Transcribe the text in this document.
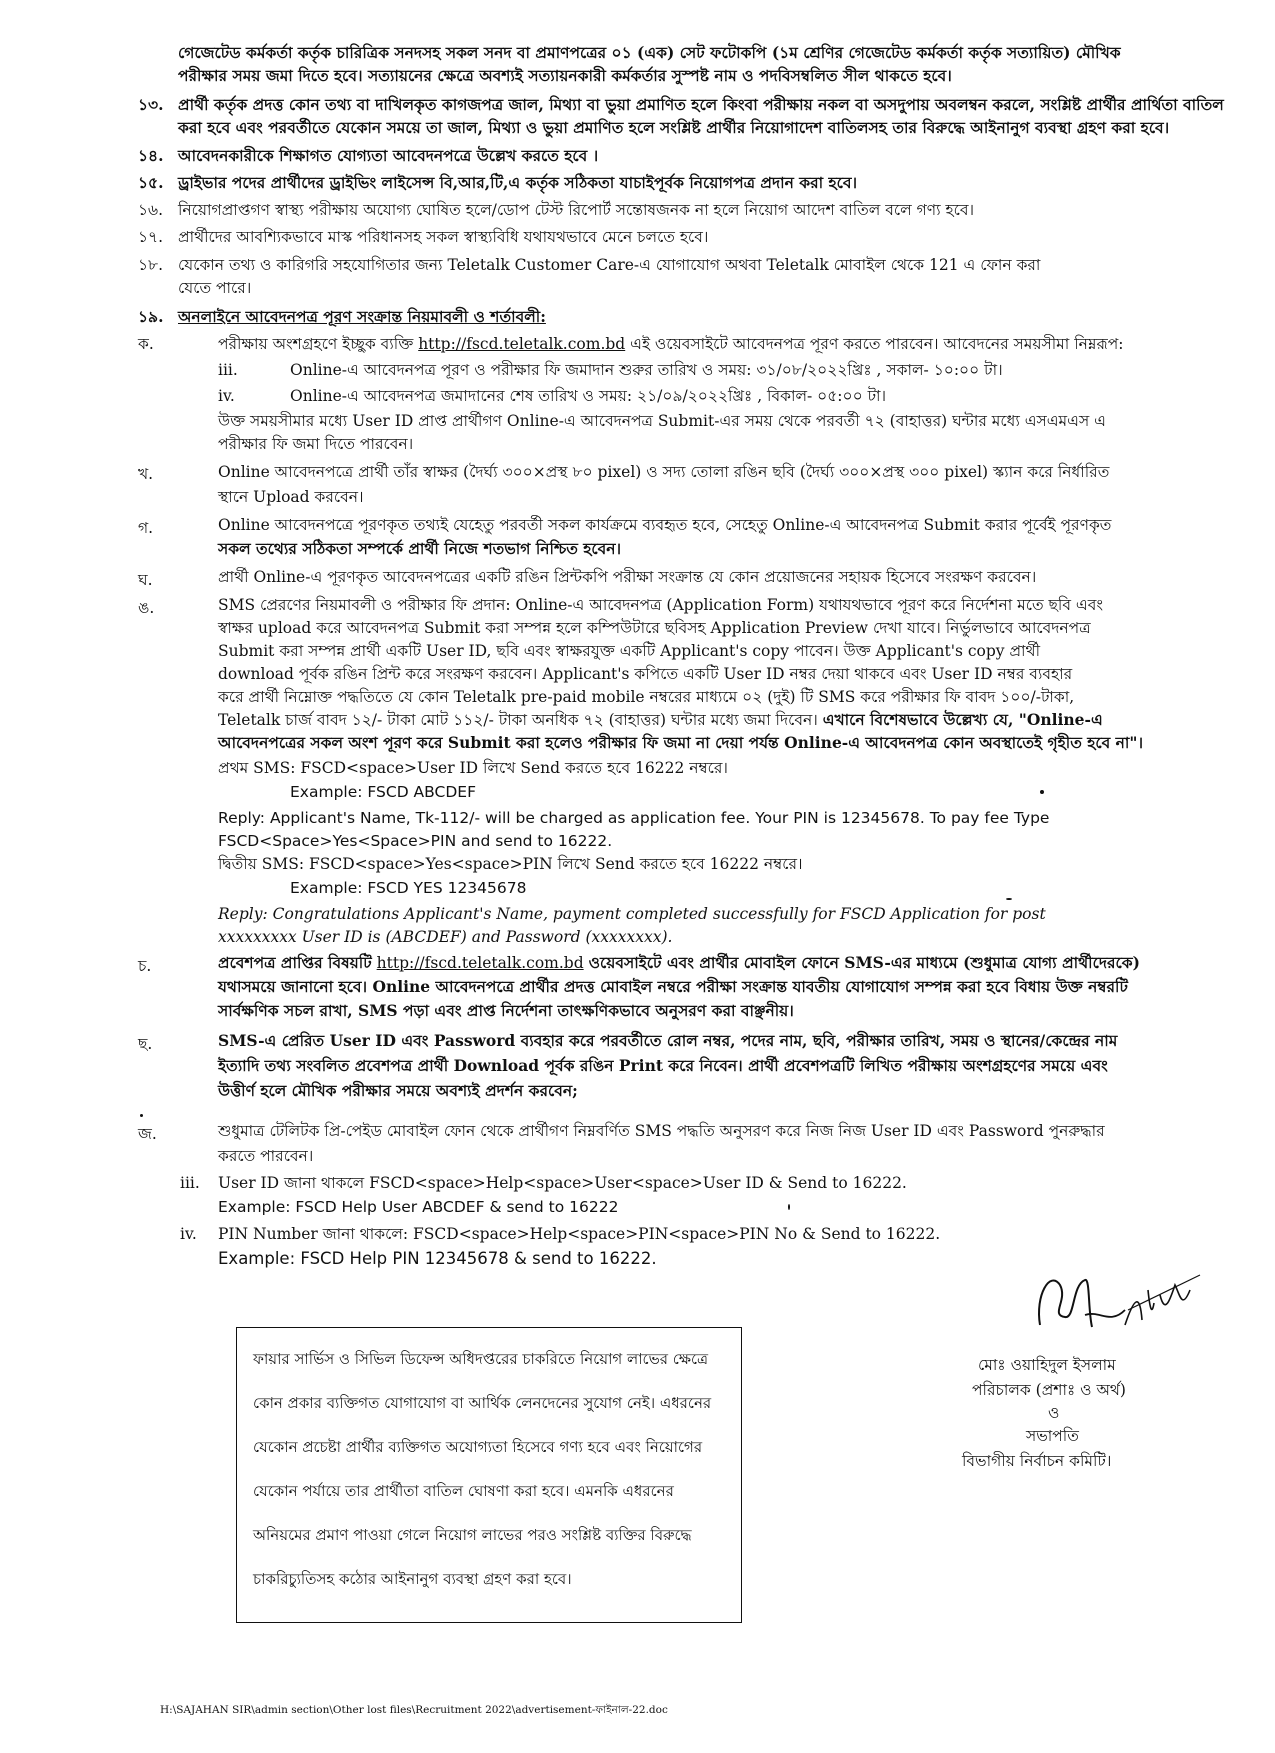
গেজেটেড কর্মকর্তা কর্তৃক চারিত্রিক সনদসহ সকল সনদ বা প্রমাণপত্রের ০১ (এক) সেট ফটোকপি (১ম শ্রেণির গেজেটেড কর্মকর্তা কর্তৃক সত্যায়িত) মৌখিক
পরীক্ষার সময় জমা দিতে হবে। সত্যায়নের ক্ষেত্রে অবশ্যই সত্যায়নকারী কর্মকর্তার সুস্পষ্ট নাম ও পদবিসম্বলিত সীল থাকতে হবে।
১৩. প্রার্থী কর্তৃক প্রদত্ত কোন তথ্য বা দাখিলকৃত কাগজপত্র জাল, মিথ্যা বা ভুয়া প্রমাণিত হলে কিংবা পরীক্ষায় নকল বা অসদুপায় অবলম্বন করলে, সংশ্লিষ্ট প্রার্থীর প্রার্থিতা বাতিল
করা হবে এবং পরবর্তীতে যেকোন সময়ে তা জাল, মিথ্যা ও ভুয়া প্রমাণিত হলে সংশ্লিষ্ট প্রার্থীর নিয়োগাদেশ বাতিলসহ তার বিরুদ্ধে আইনানুগ ব্যবস্থা গ্রহণ করা হবে।
১৪. আবেদনকারীকে শিক্ষাগত যোগ্যতা আবেদনপত্রে উল্লেখ করতে হবে ।
১৫. ড্রাইভার পদের প্রার্থীদের ড্রাইভিং লাইসেন্স বি,আর,টি,এ কর্তৃক সঠিকতা যাচাইপূর্বক নিয়োগপত্র প্রদান করা হবে।
১৬. নিয়োগপ্রাপ্তগণ স্বাস্থ্য পরীক্ষায় অযোগ্য ঘোষিত হলে/ডোপ টেস্ট রিপোর্ট সন্তোষজনক না হলে নিয়োগ আদেশ বাতিল বলে গণ্য হবে।
১৭. প্রার্থীদের আবশ্যিকভাবে মাস্ক পরিধানসহ সকল স্বাস্থ্যবিধি যথাযথভাবে মেনে চলতে হবে।
১৮. যেকোন তথ্য ও কারিগরি সহযোগিতার জন্য Teletalk Customer Care-এ যোগাযোগ অথবা Teletalk মোবাইল থেকে 121 এ ফোন করা
যেতে পারে।
১৯. অনলাইনে আবেদনপত্র পূরণ সংক্রান্ত নিয়মাবলী ও শর্তাবলী:
ক.	পরীক্ষায় অংশগ্রহণে ইচ্ছুক ব্যক্তি http://fscd.teletalk.com.bd এই ওয়েবসাইটে আবেদনপত্র পূরণ করতে পারবেন। আবেদনের সময়সীমা নিম্নরূপ:
iii.	Online-এ আবেদনপত্র পূরণ ও পরীক্ষার ফি জমাদান শুরুর তারিখ ও সময়: ৩১/০৮/২০২২খ্রিঃ , সকাল- ১০:০০ টা।
iv.	Online-এ আবেদনপত্র জমাদানের শেষ তারিখ ও সময়: ২১/০৯/২০২২খ্রিঃ , বিকাল- ০৫:০০ টা।
উক্ত সময়সীমার মধ্যে User ID প্রাপ্ত প্রার্থীগণ Online-এ আবেদনপত্র Submit-এর সময় থেকে পরবর্তী ৭২ (বাহাত্তর) ঘন্টার মধ্যে এসএমএস এ
পরীক্ষার ফি জমা দিতে পারবেন।
খ.	Online আবেদনপত্রে প্রার্থী তাঁর স্বাক্ষর (দৈর্ঘ্য ৩০০×প্রস্থ ৮০ pixel) ও সদ্য তোলা রঙিন ছবি (দৈর্ঘ্য ৩০০×প্রস্থ ৩০০ pixel) স্ক্যান করে নির্ধারিত
স্থানে Upload করবেন।
গ.	Online আবেদনপত্রে পূরণকৃত তথ্যই যেহেতু পরবর্তী সকল কার্যক্রমে ব্যবহৃত হবে, সেহেতু Online-এ আবেদনপত্র Submit করার পূর্বেই পূরণকৃত
সকল তথ্যের সঠিকতা সম্পর্কে প্রার্থী নিজে শতভাগ নিশ্চিত হবেন।
ঘ.	প্রার্থী Online-এ পূরণকৃত আবেদনপত্রের একটি রঙিন প্রিন্টকপি পরীক্ষা সংক্রান্ত যে কোন প্রয়োজনের সহায়ক হিসেবে সংরক্ষণ করবেন।
ঙ.	SMS প্রেরণের নিয়মাবলী ও পরীক্ষার ফি প্রদান: Online-এ আবেদনপত্র (Application Form) যথাযথভাবে পূরণ করে নির্দেশনা মতে ছবি এবং
স্বাক্ষর upload করে আবেদনপত্র Submit করা সম্পন্ন হলে কম্পিউটারে ছবিসহ Application Preview দেখা যাবে। নির্ভুলভাবে আবেদনপত্র
Submit করা সম্পন্ন প্রার্থী একটি User ID, ছবি এবং স্বাক্ষরযুক্ত একটি Applicant's copy পাবেন। উক্ত Applicant's copy প্রার্থী
download পূর্বক রঙিন প্রিন্ট করে সংরক্ষণ করবেন। Applicant's কপিতে একটি User ID নম্বর দেয়া থাকবে এবং User ID নম্বর ব্যবহার
করে প্রার্থী নিম্নোক্ত পদ্ধতিতে যে কোন Teletalk pre-paid mobile নম্বরের মাধ্যমে ০২ (দুই) টি SMS করে পরীক্ষার ফি বাবদ ১০০/-টাকা,
Teletalk চার্জ বাবদ ১২/- টাকা মোট ১১২/- টাকা অনধিক ৭২ (বাহাত্তর) ঘন্টার মধ্যে জমা দিবেন। এখানে বিশেষভাবে উল্লেখ্য যে, "Online-এ
আবেদনপত্রের সকল অংশ পূরণ করে Submit করা হলেও পরীক্ষার ফি জমা না দেয়া পর্যন্ত Online-এ আবেদনপত্র কোন অবস্থাতেই গৃহীত হবে না"।
প্রথম SMS: FSCD<space>User ID লিখে Send করতে হবে 16222 নম্বরে।
Example: FSCD ABCDEF
Reply: Applicant's Name, Tk-112/- will be charged as application fee. Your PIN is 12345678. To pay fee Type
FSCD<Space>Yes<Space>PIN and send to 16222.
দ্বিতীয় SMS: FSCD<space>Yes<space>PIN লিখে Send করতে হবে 16222 নম্বরে।
Example: FSCD YES 12345678
Reply: Congratulations Applicant's Name, payment completed successfully for FSCD Application for post
xxxxxxxxx User ID is (ABCDEF) and Password (xxxxxxxx).
চ.	প্রবেশপত্র প্রাপ্তির বিষয়টি http://fscd.teletalk.com.bd ওয়েবসাইটে এবং প্রার্থীর মোবাইল ফোনে SMS-এর মাধ্যমে (শুধুমাত্র যোগ্য প্রার্থীদেরকে)
যথাসময়ে জানানো হবে। Online আবেদনপত্রে প্রার্থীর প্রদত্ত মোবাইল নম্বরে পরীক্ষা সংক্রান্ত যাবতীয় যোগাযোগ সম্পন্ন করা হবে বিধায় উক্ত নম্বরটি
সার্বক্ষণিক সচল রাখা, SMS পড়া এবং প্রাপ্ত নির্দেশনা তাৎক্ষণিকভাবে অনুসরণ করা বাঞ্ছনীয়।
ছ.	SMS-এ প্রেরিত User ID এবং Password ব্যবহার করে পরবর্তীতে রোল নম্বর, পদের নাম, ছবি, পরীক্ষার তারিখ, সময় ও স্থানের/কেন্দ্রের নাম
ইত্যাদি তথ্য সংবলিত প্রবেশপত্র প্রার্থী Download পূর্বক রঙিন Print করে নিবেন। প্রার্থী প্রবেশপত্রটি লিখিত পরীক্ষায় অংশগ্রহণের সময়ে এবং
উত্তীর্ণ হলে মৌখিক পরীক্ষার সময়ে অবশ্যই প্রদর্শন করবেন;
জ.	শুধুমাত্র টেলিটক প্রি-পেইড মোবাইল ফোন থেকে প্রার্থীগণ নিম্নবর্ণিত SMS পদ্ধতি অনুসরণ করে নিজ নিজ User ID এবং Password পুনরুদ্ধার
করতে পারবেন।
iii. User ID জানা থাকলে FSCD<space>Help<space>User<space>User ID & Send to 16222.
Example: FSCD Help User ABCDEF & send to 16222
iv. PIN Number জানা থাকলে: FSCD<space>Help<space>PIN<space>PIN No & Send to 16222.
Example: FSCD Help PIN 12345678 & send to 16222.
মোঃ ওয়াহিদুল ইসলাম
পরিচালক (প্রশাঃ ও অর্থ)
ও
সভাপতি
বিভাগীয় নির্বাচন কমিটি।
ফায়ার সার্ভিস ও সিভিল ডিফেন্স অধিদপ্তরের চাকরিতে নিয়োগ লাভের ক্ষেত্রে
কোন প্রকার ব্যক্তিগত যোগাযোগ বা আর্থিক লেনদেনের সুযোগ নেই। এধরনের
যেকোন প্রচেষ্টা প্রার্থীর ব্যক্তিগত অযোগ্যতা হিসেবে গণ্য হবে এবং নিয়োগের
যেকোন পর্যায়ে তার প্রার্থীতা বাতিল ঘোষণা করা হবে। এমনকি এধরনের
অনিয়মের প্রমাণ পাওয়া গেলে নিয়োগ লাভের পরও সংশ্লিষ্ট ব্যক্তির বিরুদ্ধে
চাকরিচ্যুতিসহ কঠোর আইনানুগ ব্যবস্থা গ্রহণ করা হবে।
H:\SAJAHAN SIR\admin section\Other lost files\Recruitment 2022\advertisement-ফাইনাল-22.doc
